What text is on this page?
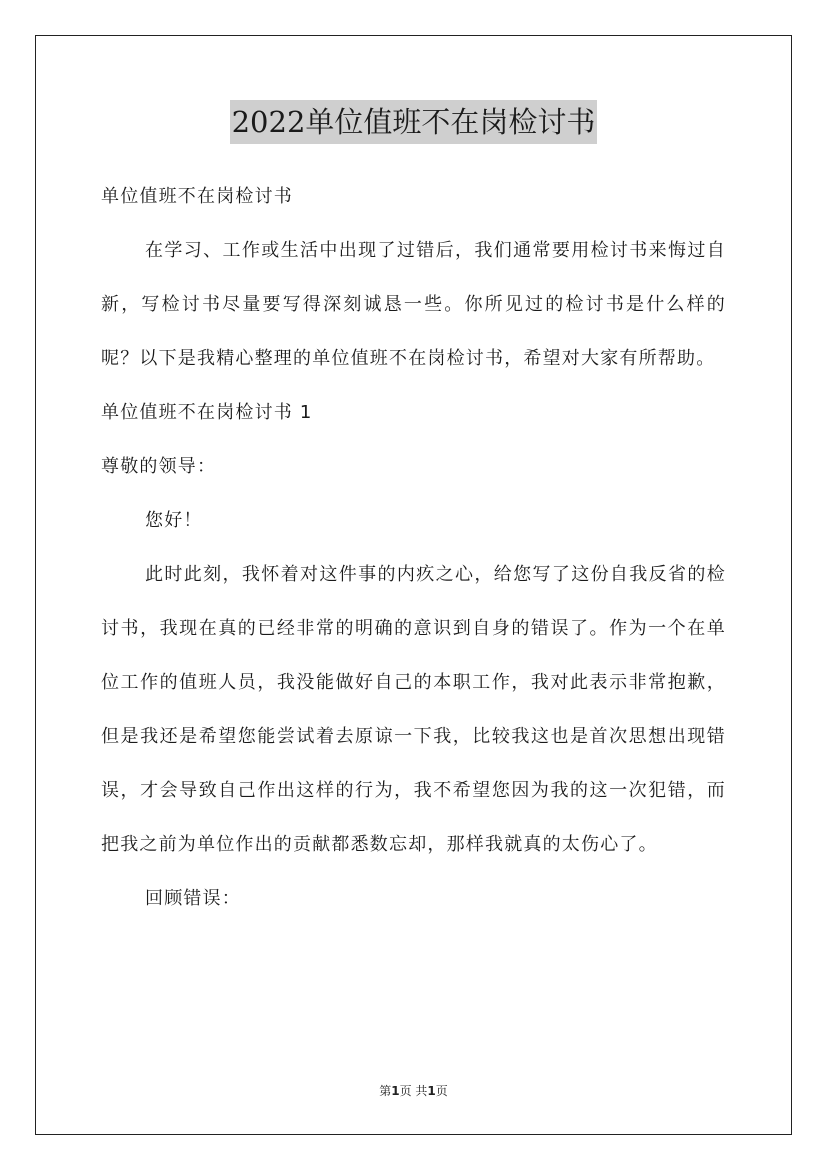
2022单位值班不在岗检讨书

单位值班不在岗检讨书

在学习、工作或生活中出现了过错后，我们通常要用检讨书来悔过自新，写检讨书尽量要写得深刻诚恳一些。你所见过的检讨书是什么样的呢？以下是我精心整理的单位值班不在岗检讨书，希望对大家有所帮助。

单位值班不在岗检讨书 1

尊敬的领导：

您好！

此时此刻，我怀着对这件事的内疚之心，给您写了这份自我反省的检讨书，我现在真的已经非常的明确的意识到自身的错误了。作为一个在单位工作的值班人员，我没能做好自己的本职工作，我对此表示非常抱歉，但是我还是希望您能尝试着去原谅一下我，比较我这也是首次思想出现错误，才会导致自己作出这样的行为，我不希望您因为我的这一次犯错，而把我之前为单位作出的贡献都悉数忘却，那样我就真的太伤心了。

回顾错误：

第1页 共1页
